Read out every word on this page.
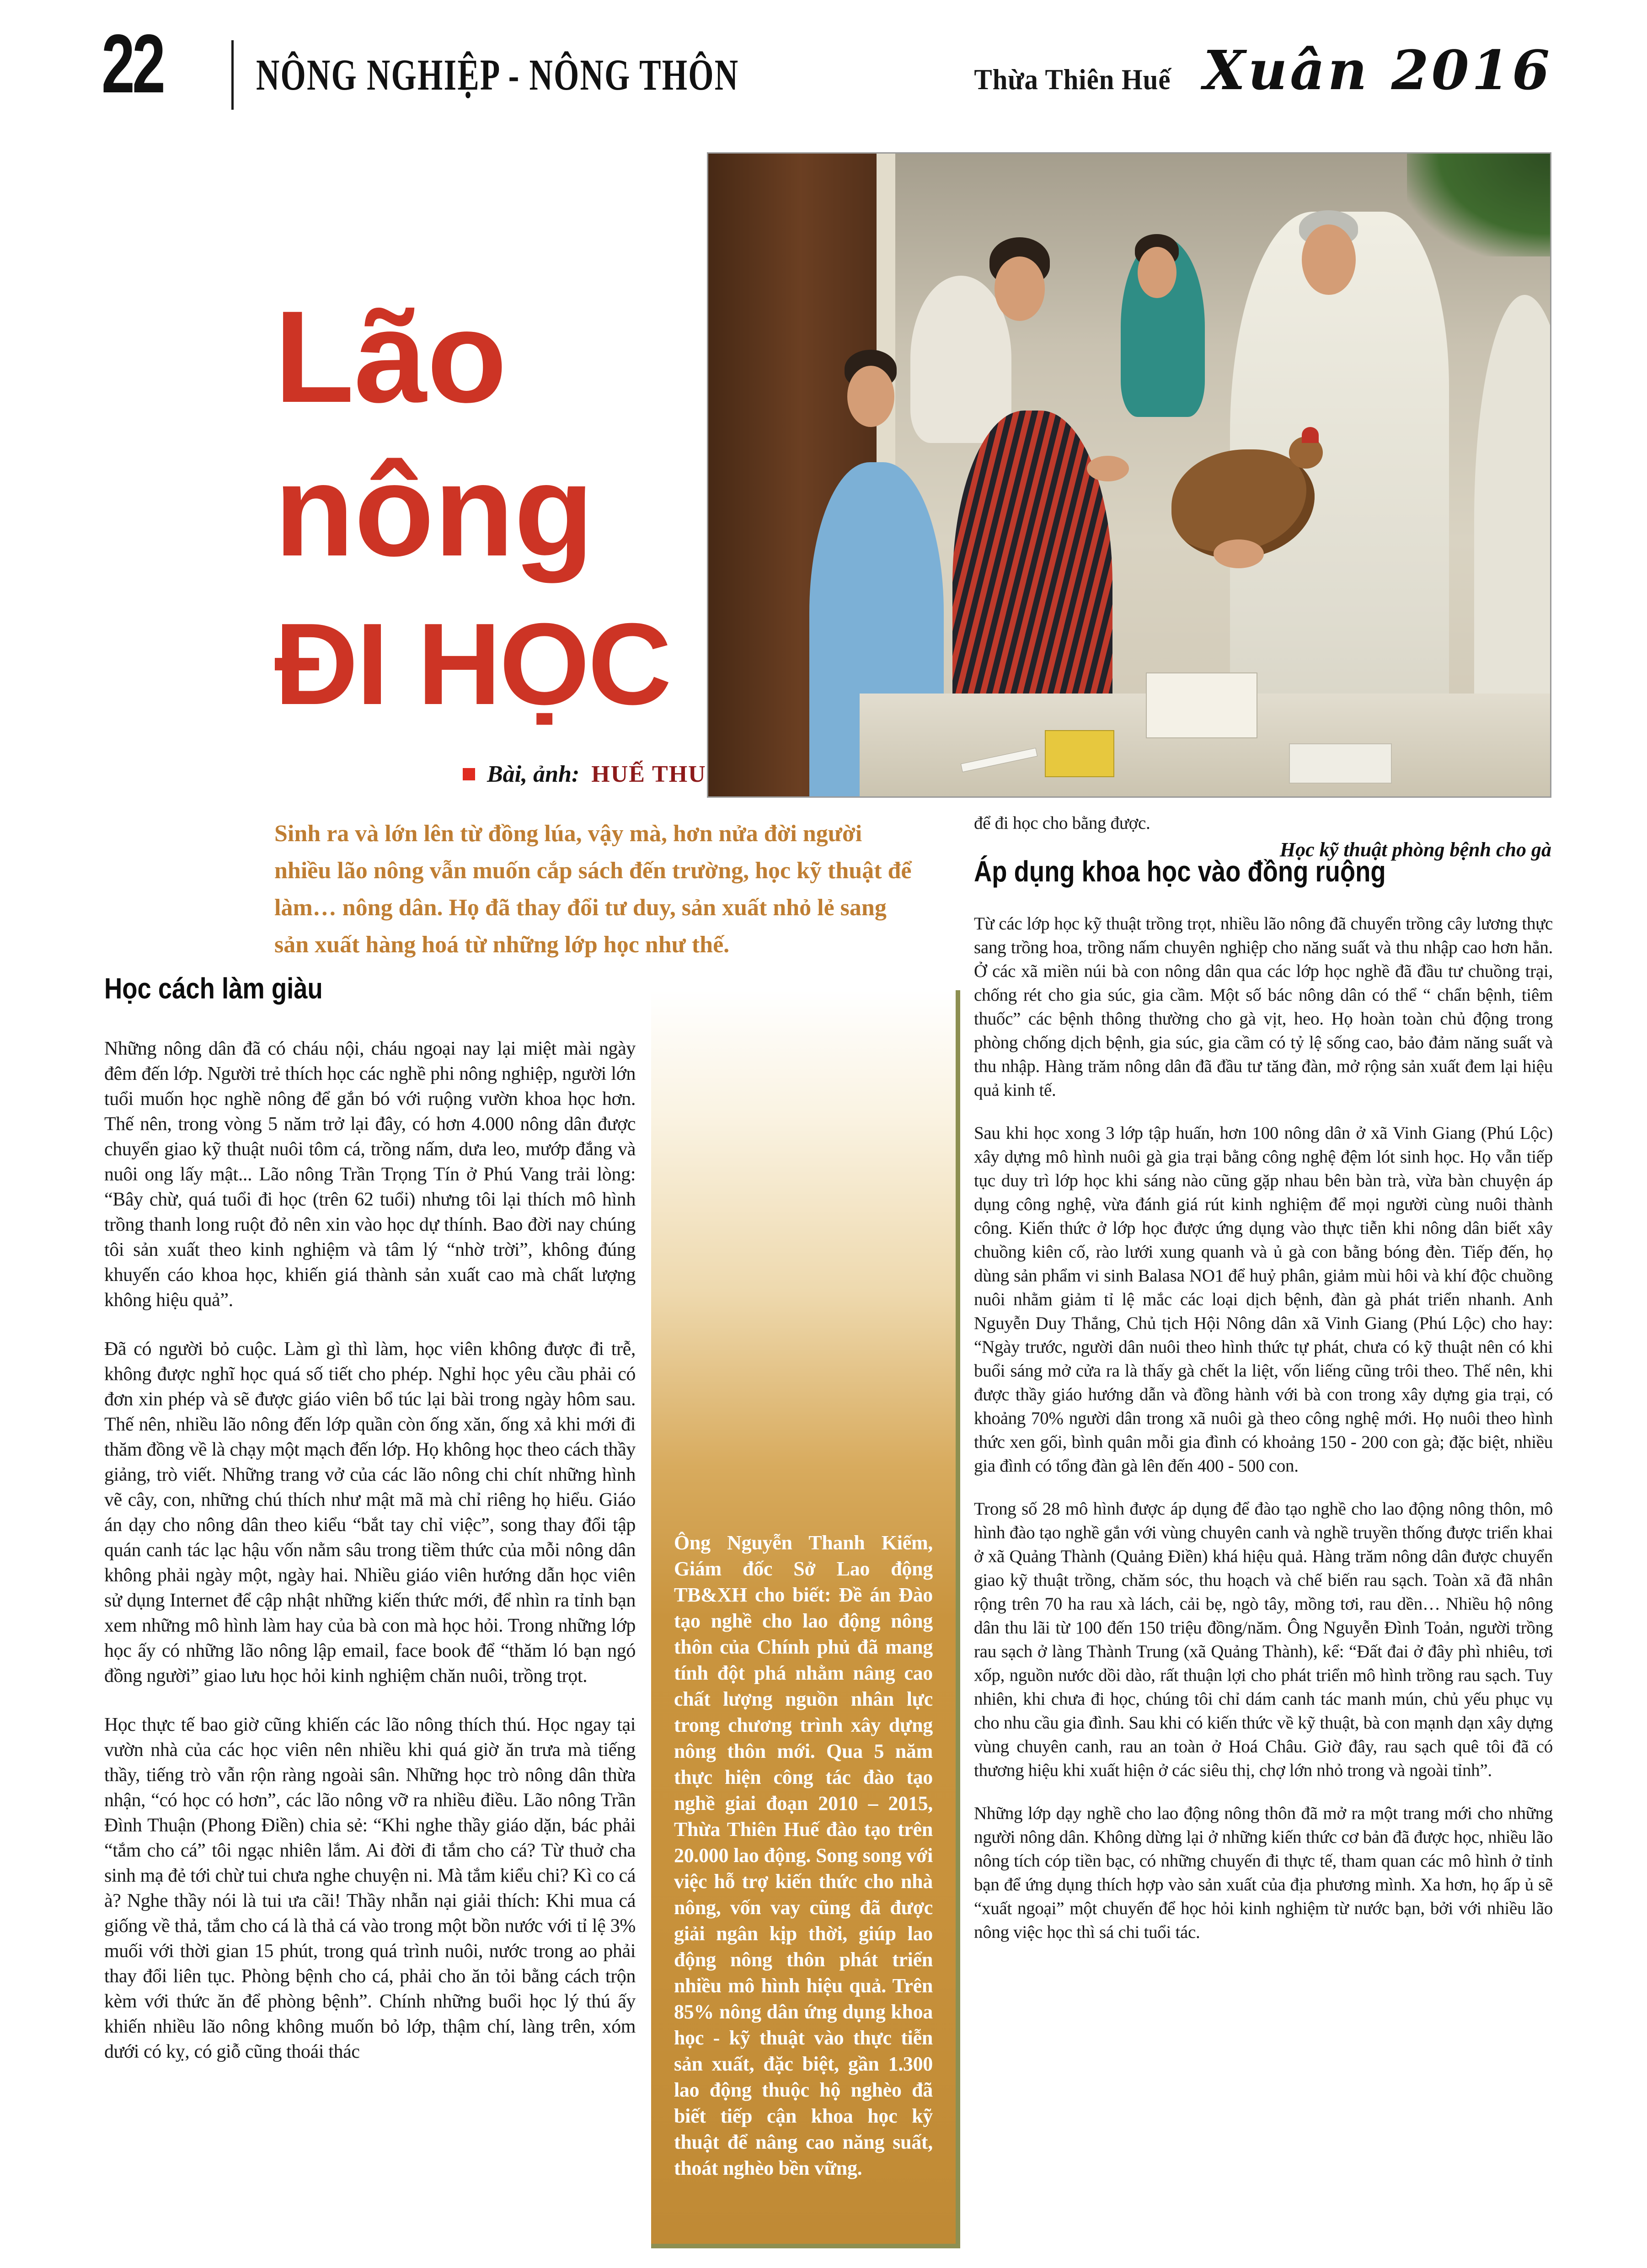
22 NÔNG NGHIỆP - NÔNG THÔN	Thừa Thiên Huế Xuân 2016
Lão
nông
ĐI HỌC
Bài, ảnh: HUẾ THU
Học kỹ thuật phòng bệnh cho gà
Sinh ra và lớn lên từ đồng lúa, vậy mà, hơn nửa đời người nhiều lão nông vẫn muốn cắp sách đến trường, học kỹ thuật để làm… nông dân. Họ đã thay đổi tư duy, sản xuất nhỏ lẻ sang sản xuất hàng hoá từ những lớp học như thế.
Học cách làm giàu

Những nông dân đã có cháu nội, cháu ngoại nay lại miệt mài ngày đêm đến lớp. Người trẻ thích học các nghề phi nông nghiệp, người lớn tuổi muốn học nghề nông để gắn bó với ruộng vườn khoa học hơn. Thế nên, trong vòng 5 năm trở lại đây, có hơn 4.000 nông dân được chuyển giao kỹ thuật nuôi tôm cá, trồng nấm, dưa leo, mướp đắng và nuôi ong lấy mật... Lão nông Trần Trọng Tín ở Phú Vang trải lòng: “Bây chừ, quá tuổi đi học (trên 62 tuổi) nhưng tôi lại thích mô hình trồng thanh long ruột đỏ nên xin vào học dự thính. Bao đời nay chúng tôi sản xuất theo kinh nghiệm và tâm lý “nhờ trời”, không đúng khuyến cáo khoa học, khiến giá thành sản xuất cao mà chất lượng không hiệu quả”.

Đã có người bỏ cuộc. Làm gì thì làm, học viên không được đi trễ, không được nghĩ học quá số tiết cho phép. Nghỉ học yêu cầu phải có đơn xin phép và sẽ được giáo viên bổ túc lại bài trong ngày hôm sau. Thế nên, nhiều lão nông đến lớp quần còn ống xăn, ống xả khi mới đi thăm đồng về là chạy một mạch đến lớp. Họ không học theo cách thầy giảng, trò viết. Những trang vở của các lão nông chi chít những hình vẽ cây, con, những chú thích như mật mã mà chỉ riêng họ hiểu. Giáo án dạy cho nông dân theo kiểu “bắt tay chỉ việc”, song thay đổi tập quán canh tác lạc hậu vốn nằm sâu trong tiềm thức của mỗi nông dân không phải ngày một, ngày hai. Nhiều giáo viên hướng dẫn học viên sử dụng Internet để cập nhật những kiến thức mới, để nhìn ra tỉnh bạn xem những mô hình làm hay của bà con mà học hỏi. Trong những lớp học ấy có những lão nông lập email, face book để “thăm ló bạn ngó đồng người” giao lưu học hỏi kinh nghiệm chăn nuôi, trồng trọt.

Học thực tế bao giờ cũng khiến các lão nông thích thú. Học ngay tại vườn nhà của các học viên nên nhiều khi quá giờ ăn trưa mà tiếng thầy, tiếng trò vẫn rộn ràng ngoài sân. Những học trò nông dân thừa nhận, “có học có hơn”, các lão nông vỡ ra nhiều điều. Lão nông Trần Đình Thuận (Phong Điền) chia sẻ: “Khi nghe thầy giáo dặn, bác phải “tắm cho cá” tôi ngạc nhiên lắm. Ai đời đi tắm cho cá? Từ thuở cha sinh mạ đẻ tới chừ tui chưa nghe chuyện ni. Mà tắm kiểu chi? Kì co cá à? Nghe thầy nói là tui ưa cãi! Thầy nhẫn nại giải thích: Khi mua cá giống về thả, tắm cho cá là thả cá vào trong một bồn nước với tỉ lệ 3% muối với thời gian 15 phút, trong quá trình nuôi, nước trong ao phải thay đổi liên tục. Phòng bệnh cho cá, phải cho ăn tỏi bằng cách trộn kèm với thức ăn để phòng bệnh”. Chính những buổi học lý thú ấy khiến nhiều lão nông không muốn bỏ lớp, thậm chí, làng trên, xóm dưới có kỵ, có giỗ cũng thoái thác

Ông Nguyễn Thanh Kiếm, Giám đốc Sở Lao động TB&XH cho biết: Đề án Đào tạo nghề cho lao động nông thôn của Chính phủ đã mang tính đột phá nhằm nâng cao chất lượng nguồn nhân lực trong chương trình xây dựng nông thôn mới. Qua 5 năm thực hiện công tác đào tạo nghề giai đoạn 2010 – 2015, Thừa Thiên Huế đào tạo trên 20.000 lao động. Song song với việc hỗ trợ kiến thức cho nhà nông, vốn vay cũng đã được giải ngân kịp thời, giúp lao động nông thôn phát triển nhiều mô hình hiệu quả. Trên 85% nông dân ứng dụng khoa học - kỹ thuật vào thực tiễn sản xuất, đặc biệt, gần 1.300 lao động thuộc hộ nghèo đã biết tiếp cận khoa học kỹ thuật để nâng cao năng suất, thoát nghèo bền vững.

để đi học cho bằng được.

Áp dụng khoa học vào đồng ruộng

Từ các lớp học kỹ thuật trồng trọt, nhiều lão nông đã chuyển trồng cây lương thực sang trồng hoa, trồng nấm chuyên nghiệp cho năng suất và thu nhập cao hơn hẳn. Ở các xã miền núi bà con nông dân qua các lớp học nghề đã đầu tư chuồng trại, chống rét cho gia súc, gia cầm. Một số bác nông dân có thể “ chẩn bệnh, tiêm thuốc” các bệnh thông thường cho gà vịt, heo. Họ hoàn toàn chủ động trong phòng chống dịch bệnh, gia súc, gia cầm có tỷ lệ sống cao, bảo đảm năng suất và thu nhập. Hàng trăm nông dân đã đầu tư tăng đàn, mở rộng sản xuất đem lại hiệu quả kinh tế.

Sau khi học xong 3 lớp tập huấn, hơn 100 nông dân ở xã Vinh Giang (Phú Lộc) xây dựng mô hình nuôi gà gia trại bằng công nghệ đệm lót sinh học. Họ vẫn tiếp tục duy trì lớp học khi sáng nào cũng gặp nhau bên bàn trà, vừa bàn chuyện áp dụng công nghệ, vừa đánh giá rút kinh nghiệm để mọi người cùng nuôi thành công. Kiến thức ở lớp học được ứng dụng vào thực tiễn khi nông dân biết xây chuồng kiên cố, rào lưới xung quanh và ủ gà con bằng bóng đèn. Tiếp đến, họ dùng sản phẩm vi sinh Balasa NO1 để huỷ phân, giảm mùi hôi và khí độc chuồng nuôi nhằm giảm tỉ lệ mắc các loại dịch bệnh, đàn gà phát triển nhanh. Anh Nguyễn Duy Thắng, Chủ tịch Hội Nông dân xã Vinh Giang (Phú Lộc) cho hay: “Ngày trước, người dân nuôi theo hình thức tự phát, chưa có kỹ thuật nên có khi buổi sáng mở cửa ra là thấy gà chết la liệt, vốn liếng cũng trôi theo. Thế nên, khi được thầy giáo hướng dẫn và đồng hành với bà con trong xây dựng gia trại, có khoảng 70% người dân trong xã nuôi gà theo công nghệ mới. Họ nuôi theo hình thức xen gối, bình quân mỗi gia đình có khoảng 150 - 200 con gà; đặc biệt, nhiều gia đình có tổng đàn gà lên đến 400 - 500 con.

Trong số 28 mô hình được áp dụng để đào tạo nghề cho lao động nông thôn, mô hình đào tạo nghề gắn với vùng chuyên canh và nghề truyền thống được triển khai ở xã Quảng Thành (Quảng Điền) khá hiệu quả. Hàng trăm nông dân được chuyển giao kỹ thuật trồng, chăm sóc, thu hoạch và chế biến rau sạch. Toàn xã đã nhân rộng trên 70 ha rau xà lách, cải bẹ, ngò tây, mồng tơi, rau dền… Nhiều hộ nông dân thu lãi từ 100 đến 150 triệu đồng/năm. Ông Nguyễn Đình Toản, người trồng rau sạch ở làng Thành Trung (xã Quảng Thành), kể: “Đất đai ở đây phì nhiêu, tơi xốp, nguồn nước dồi dào, rất thuận lợi cho phát triển mô hình trồng rau sạch. Tuy nhiên, khi chưa đi học, chúng tôi chỉ dám canh tác manh mún, chủ yếu phục vụ cho nhu cầu gia đình. Sau khi có kiến thức về kỹ thuật, bà con mạnh dạn xây dựng vùng chuyên canh, rau an toàn ở Hoá Châu. Giờ đây, rau sạch quê tôi đã có thương hiệu khi xuất hiện ở các siêu thị, chợ lớn nhỏ trong và ngoài tỉnh”.

Những lớp dạy nghề cho lao động nông thôn đã mở ra một trang mới cho những người nông dân. Không dừng lại ở những kiến thức cơ bản đã được học, nhiều lão nông tích cóp tiền bạc, có những chuyến đi thực tế, tham quan các mô hình ở tỉnh bạn để ứng dụng thích hợp vào sản xuất của địa phương mình. Xa hơn, họ ấp ủ sẽ “xuất ngoại” một chuyến để học hỏi kinh nghiệm từ nước bạn, bởi với nhiều lão nông việc học thì sá chi tuổi tác.
